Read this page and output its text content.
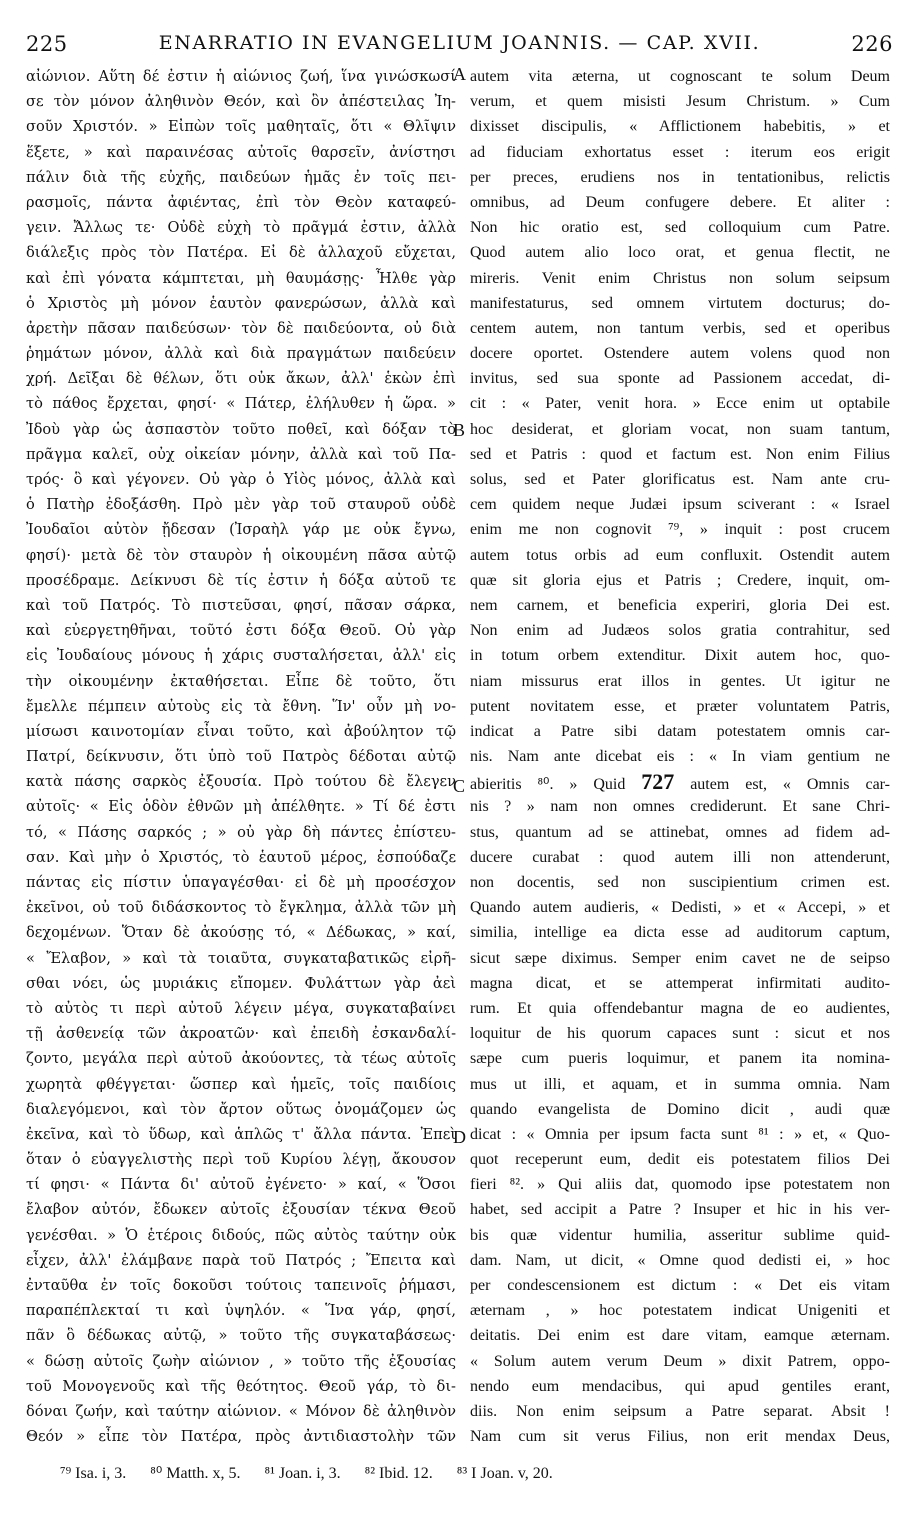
225	ENARRATIO IN EVANGELIUM JOANNIS. — CAP. XVII.	226
αἰώνιον. Αὕτη δέ ἐστιν ἡ αἰώνιος ζωή, ἵνα γινώσκωσί
σε τὸν μόνον ἀληθινὸν Θεόν, καὶ ὃν ἀπέστειλας Ἰη-
σοῦν Χριστόν. » Εἰπὼν τοῖς μαθηταῖς, ὅτι « Θλῖψιν
ἕξετε, » καὶ παραινέσας αὐτοῖς θαρσεῖν, ἀνίστησι
πάλιν διὰ τῆς εὐχῆς, παιδεύων ἡμᾶς ἐν τοῖς πει-
ρασμοῖς, πάντα ἀφιέντας, ἐπὶ τὸν Θεὸν καταφεύ-
γειν. Ἄλλως τε· Οὐδὲ εὐχὴ τὸ πρᾶγμά ἐστιν, ἀλλὰ
διάλεξις πρὸς τὸν Πατέρα. Εἰ δὲ ἀλλαχοῦ εὔχεται,
καὶ ἐπὶ γόνατα κάμπτεται, μὴ θαυμάσῃς· Ἦλθε γὰρ
ὁ Χριστὸς μὴ μόνον ἑαυτὸν φανερώσων, ἀλλὰ καὶ
ἀρετὴν πᾶσαν παιδεύσων· τὸν δὲ παιδεύοντα, οὐ διὰ
ῥημάτων μόνον, ἀλλὰ καὶ διὰ πραγμάτων παιδεύειν
χρή. Δεῖξαι δὲ θέλων, ὅτι οὐκ ἄκων, ἀλλ' ἑκὼν ἐπὶ
τὸ πάθος ἔρχεται, φησί· « Πάτερ, ἐλήλυθεν ἡ ὥρα. »
Ἰδοὺ γὰρ ὡς ἀσπαστὸν τοῦτο ποθεῖ, καὶ δόξαν τὸ
πρᾶγμα καλεῖ, οὐχ οἰκείαν μόνην, ἀλλὰ καὶ τοῦ Πα-
τρός· ὃ καὶ γέγονεν. Οὐ γὰρ ὁ Υἱὸς μόνος, ἀλλὰ καὶ
ὁ Πατὴρ ἐδοξάσθη. Πρὸ μὲν γὰρ τοῦ σταυροῦ οὐδὲ
Ἰουδαῖοι αὐτὸν ᾔδεσαν (Ἰσραὴλ γάρ με οὐκ ἔγνω,
φησί)· μετὰ δὲ τὸν σταυρὸν ἡ οἰκουμένη πᾶσα αὐτῷ
προσέδραμε. Δείκνυσι δὲ τίς ἐστιν ἡ δόξα αὐτοῦ τε
καὶ τοῦ Πατρός. Τὸ πιστεῦσαι, φησί, πᾶσαν σάρκα,
καὶ εὐεργετηθῆναι, τοῦτό ἐστι δόξα Θεοῦ. Οὐ γὰρ
εἰς Ἰουδαίους μόνους ἡ χάρις συσταλήσεται, ἀλλ' εἰς
τὴν οἰκουμένην ἐκταθήσεται. Εἶπε δὲ τοῦτο, ὅτι
ἔμελλε πέμπειν αὐτοὺς εἰς τὰ ἔθνη. Ἵν' οὖν μὴ νο-
μίσωσι καινοτομίαν εἶναι τοῦτο, καὶ ἀβούλητον τῷ
Πατρί, δείκνυσιν, ὅτι ὑπὸ τοῦ Πατρὸς δέδοται αὐτῷ
κατὰ πάσης σαρκὸς ἐξουσία. Πρὸ τούτου δὲ ἔλεγεν
αὐτοῖς· « Εἰς ὁδὸν ἐθνῶν μὴ ἀπέλθητε. » Τί δέ ἐστι
τό, « Πάσης σαρκός ; » οὐ γὰρ δὴ πάντες ἐπίστευ-
σαν. Καὶ μὴν ὁ Χριστός, τὸ ἑαυτοῦ μέρος, ἐσπούδαζε
πάντας εἰς πίστιν ὑπαγαγέσθαι· εἰ δὲ μὴ προσέσχον
ἐκεῖνοι, οὐ τοῦ διδάσκοντος τὸ ἔγκλημα, ἀλλὰ τῶν μὴ
δεχομένων. Ὅταν δὲ ἀκούσῃς τό, « Δέδωκας, » καί,
« Ἔλαβον, » καὶ τὰ τοιαῦτα, συγκαταβατικῶς εἰρῆ-
σθαι νόει, ὡς μυριάκις εἴπομεν. Φυλάττων γὰρ ἀεὶ
τὸ αὐτὸς τι περὶ αὐτοῦ λέγειν μέγα, συγκαταβαίνει
τῇ ἀσθενείᾳ τῶν ἀκροατῶν· καὶ ἐπειδὴ ἐσκανδαλί-
ζοντο, μεγάλα περὶ αὐτοῦ ἀκούοντες, τὰ τέως αὐτοῖς
χωρητὰ φθέγγεται· ὥσπερ καὶ ἡμεῖς, τοῖς παιδίοις
διαλεγόμενοι, καὶ τὸν ἄρτον οὕτως ὀνομάζομεν ὡς
ἐκεῖνα, καὶ τὸ ὕδωρ, καὶ ἁπλῶς τ' ἄλλα πάντα. Ἐπεὶ
ὅταν ὁ εὐαγγελιστὴς περὶ τοῦ Κυρίου λέγῃ, ἄκουσον
τί φησι· « Πάντα δι' αὐτοῦ ἐγένετο· » καί, « Ὅσοι
ἔλαβον αὐτόν, ἔδωκεν αὐτοῖς ἐξουσίαν τέκνα Θεοῦ
γενέσθαι. » Ὁ ἑτέροις διδούς, πῶς αὐτὸς ταύτην οὐκ
εἶχεν, ἀλλ' ἐλάμβανε παρὰ τοῦ Πατρός ; Ἔπειτα καὶ
ἐνταῦθα ἐν τοῖς δοκοῦσι τούτοις ταπεινοῖς ῥήμασι,
παραπέπλεκταί τι καὶ ὑψηλόν. « Ἵνα γάρ, φησί,
πᾶν ὃ δέδωκας αὐτῷ, » τοῦτο τῆς συγκαταβάσεως·
« δώσῃ αὐτοῖς ζωὴν αἰώνιον , » τοῦτο τῆς ἐξουσίας
τοῦ Μονογενοῦς καὶ τῆς θεότητος. Θεοῦ γάρ, τὸ δι-
δόναι ζωήν, καὶ ταύτην αἰώνιον. « Μόνον δὲ ἀληθινὸν
Θεόν » εἶπε τὸν Πατέρα, πρὸς ἀντιδιαστολὴν τῶν
autem vita æterna, ut cognoscant te solum Deum
verum, et quem misisti Jesum Christum. » Cum
dixisset discipulis, « Afflictionem habebitis, » et
ad fiduciam exhortatus esset : iterum eos erigit
per preces, erudiens nos in tentationibus, relictis
omnibus, ad Deum confugere debere. Et aliter :
Non hic oratio est, sed colloquium cum Patre.
Quod autem alio loco orat, et genua flectit, ne
mireris. Venit enim Christus non solum seipsum
manifestaturus, sed omnem virtutem docturus; do-
centem autem, non tantum verbis, sed et operibus
docere oportet. Ostendere autem volens quod non
invitus, sed sua sponte ad Passionem accedat, di-
cit : « Pater, venit hora. » Ecce enim ut optabile
hoc desiderat, et gloriam vocat, non suam tantum,
sed et Patris : quod et factum est. Non enim Filius
solus, sed et Pater glorificatus est. Nam ante cru-
cem quidem neque Judæi ipsum sciverant : « Israel
enim me non cognovit ⁷⁹, » inquit : post crucem
autem totus orbis ad eum confluxit. Ostendit autem
quæ sit gloria ejus et Patris ; Credere, inquit, om-
nem carnem, et beneficia experiri, gloria Dei est.
Non enim ad Judæos solos gratia contrahitur, sed
in totum orbem extenditur. Dixit autem hoc, quo-
niam missurus erat illos in gentes. Ut igitur ne
putent novitatem esse, et præter voluntatem Patris,
indicat a Patre sibi datam potestatem omnis car-
nis. Nam ante dicebat eis : « In viam gentium ne
abieritis ⁸⁰. » Quid 727 autem est, « Omnis car-
nis ? » nam non omnes crediderunt. Et sane Chri-
stus, quantum ad se attinebat, omnes ad fidem ad-
ducere curabat : quod autem illi non attenderunt,
non docentis, sed non suscipientium crimen est.
Quando autem audieris, « Dedisti, » et « Accepi, » et
similia, intellige ea dicta esse ad auditorum captum,
sicut sæpe diximus. Semper enim cavet ne de seipso
magna dicat, et se attemperat infirmitati audito-
rum. Et quia offendebantur magna de eo audientes,
loquitur de his quorum capaces sunt : sicut et nos
sæpe cum pueris loquimur, et panem ita nomina-
mus ut illi, et aquam, et in summa omnia. Nam
quando evangelista de Domino dicit , audi quæ
dicat : « Omnia per ipsum facta sunt ⁸¹ : » et, « Quo-
quot receperunt eum, dedit eis potestatem filios Dei
fieri ⁸². » Qui aliis dat, quomodo ipse potestatem non
habet, sed accipit a Patre ? Insuper et hic in his ver-
bis quæ videntur humilia, asseritur sublime quid-
dam. Nam, ut dicit, « Omne quod dedisti ei, » hoc
per condescensionem est dictum : « Det eis vitam
æternam , » hoc potestatem indicat Unigeniti et
deitatis. Dei enim est dare vitam, eamque æternam.
« Solum autem verum Deum » dixit Patrem, oppo-
nendo eum mendacibus, qui apud gentiles erant,
diis. Non enim seipsum a Patre separat. Absit !
Nam cum sit verus Filius, non erit mendax Deus,
A
B
C
D
⁷⁹ Isa. i, 3. ⁸⁰ Matth. x, 5. ⁸¹ Joan. i, 3. ⁸² Ibid. 12. ⁸³ I Joan. v, 20.
